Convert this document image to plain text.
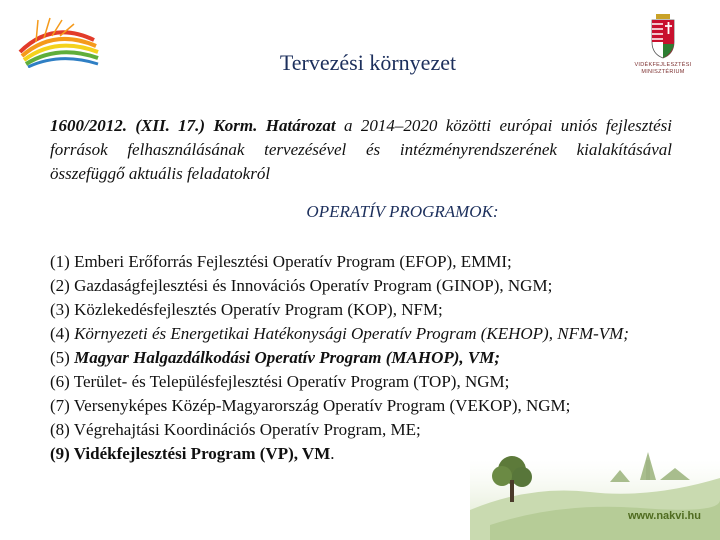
VIDÉKFEJLESZTÉSI
MINISZTÉRIUM
Tervezési környezet

1600/2012. (XII. 17.) Korm. Határozat a 2014–2020 közötti európai uniós fejlesztési források felhasználásának tervezésével és intézményrendszerének kialakításával összefüggő aktuális feladatokról

OPERATÍV PROGRAMOK:
(1) Emberi Erőforrás Fejlesztési Operatív Program (EFOP), EMMI;
(2) Gazdaságfejlesztési és Innovációs Operatív Program (GINOP), NGM;
(3) Közlekedésfejlesztés Operatív Program (KOP), NFM;
(4) Környezeti és Energetikai Hatékonysági Operatív Program (KEHOP), NFM-VM;
(5) Magyar Halgazdálkodási Operatív Program (MAHOP), VM;
(6) Terület- és Településfejlesztési Operatív Program (TOP), NGM;
(7) Versenyképes Közép-Magyarország Operatív Program (VEKOP), NGM;
(8) Végrehajtási Koordinációs Operatív Program, ME;
(9) Vidékfejlesztési Program (VP), VM.
www.nakvi.hu
